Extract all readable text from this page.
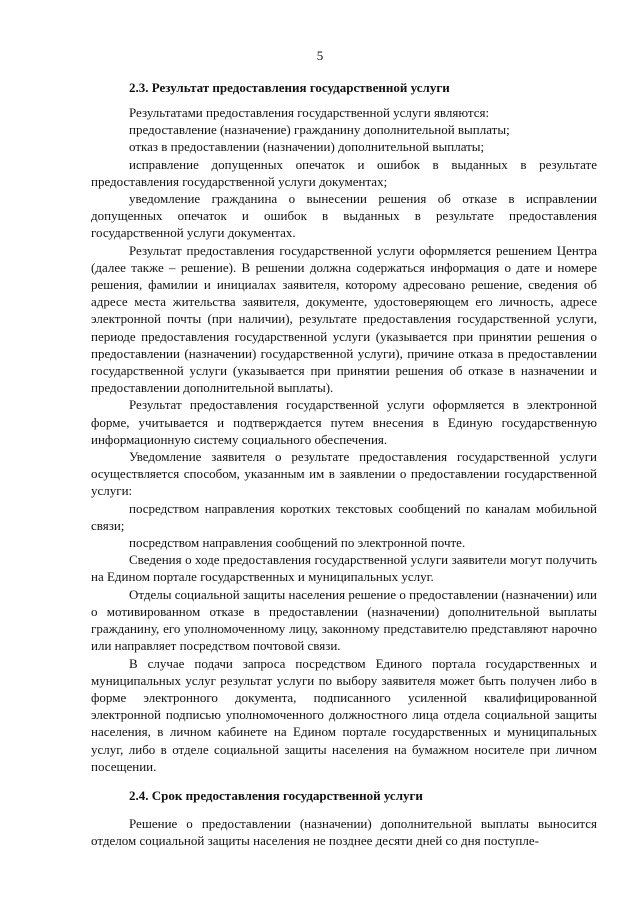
5
2.3. Результат предоставления государственной услуги

Результатами предоставления государственной услуги являются:

предоставление (назначение) гражданину дополнительной выплаты;

отказ в предоставлении (назначении) дополнительной выплаты;

исправление допущенных опечаток и ошибок в выданных в результате предоставления государственной услуги документах;

уведомление гражданина о вынесении решения об отказе в исправлении допущенных опечаток и ошибок в выданных в результате предоставления государственной услуги документах.

Результат предоставления государственной услуги оформляется решением Центра (далее также – решение). В решении должна содержаться информация о дате и номере решения, фамилии и инициалах заявителя, которому адресовано решение, сведения об адресе места жительства заявителя, документе, удостоверяющем его личность, адресе электронной почты (при наличии), результате предоставления государственной услуги, периоде предоставления государственной услуги (указывается при принятии решения о предоставлении (назначении) государственной услуги), причине отказа в предоставлении государственной услуги (указывается при принятии решения об отказе в назначении и предоставлении дополнительной выплаты).

Результат предоставления государственной услуги оформляется в электронной форме, учитывается и подтверждается путем внесения в Единую государственную информационную систему социального обеспечения.

Уведомление заявителя о результате предоставления государственной услуги осуществляется способом, указанным им в заявлении о предоставлении государственной услуги:

посредством направления коротких текстовых сообщений по каналам мобильной связи;

посредством направления сообщений по электронной почте.

Сведения о ходе предоставления государственной услуги заявители могут получить на Едином портале государственных и муниципальных услуг.

Отделы социальной защиты населения решение о предоставлении (назначении) или о мотивированном отказе в предоставлении (назначении) дополнительной выплаты гражданину, его уполномоченному лицу, законному представителю представляют нарочно или направляет посредством почтовой связи.

В случае подачи запроса посредством Единого портала государственных и муниципальных услуг результат услуги по выбору заявителя может быть получен либо в форме электронного документа, подписанного усиленной квалифицированной электронной подписью уполномоченного должностного лица отдела социальной защиты населения, в личном кабинете на Едином портале государственных и муниципальных услуг, либо в отделе социальной защиты населения на бумажном носителе при личном посещении.

2.4. Срок предоставления государственной услуги

Решение о предоставлении (назначении) дополнительной выплаты выносится отделом социальной защиты населения не позднее десяти дней со дня поступле-
